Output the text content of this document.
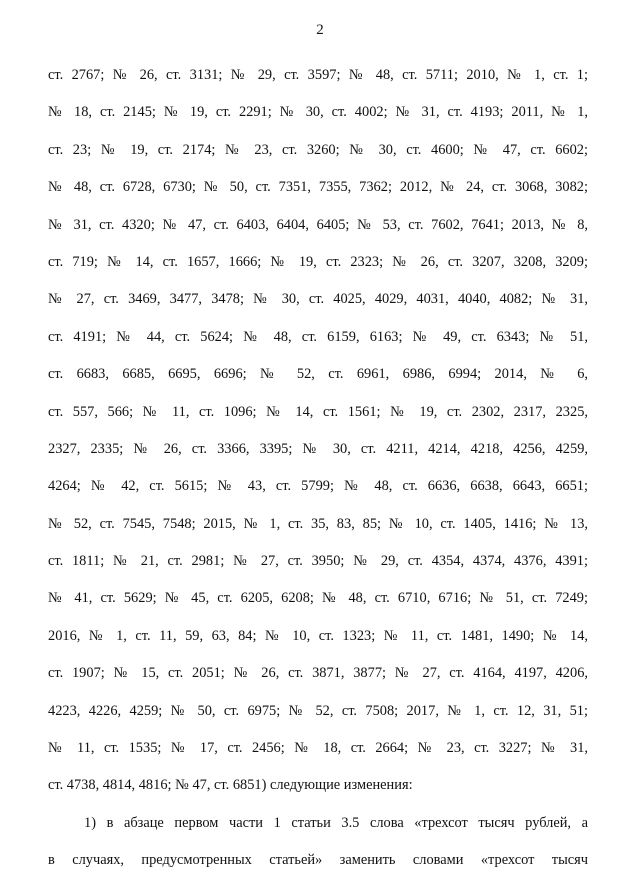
2
ст. 2767; № 26, ст. 3131; № 29, ст. 3597; № 48, ст. 5711; 2010, № 1, ст. 1;
№ 18, ст. 2145; № 19, ст. 2291; № 30, ст. 4002; № 31, ст. 4193; 2011, № 1,
ст. 23; № 19, ст. 2174; № 23, ст. 3260; № 30, ст. 4600; № 47, ст. 6602;
№ 48, ст. 6728, 6730; № 50, ст. 7351, 7355, 7362; 2012, № 24, ст. 3068, 3082;
№ 31, ст. 4320; № 47, ст. 6403, 6404, 6405; № 53, ст. 7602, 7641; 2013, № 8,
ст. 719; № 14, ст. 1657, 1666; № 19, ст. 2323; № 26, ст. 3207, 3208, 3209;
№ 27, ст. 3469, 3477, 3478; № 30, ст. 4025, 4029, 4031, 4040, 4082; № 31,
ст. 4191; № 44, ст. 5624; № 48, ст. 6159, 6163; № 49, ст. 6343; № 51,
ст. 6683, 6685, 6695, 6696; № 52, ст. 6961, 6986, 6994; 2014, № 6,
ст. 557, 566; № 11, ст. 1096; № 14, ст. 1561; № 19, ст. 2302, 2317, 2325,
2327, 2335; № 26, ст. 3366, 3395; № 30, ст. 4211, 4214, 4218, 4256, 4259,
4264; № 42, ст. 5615; № 43, ст. 5799; № 48, ст. 6636, 6638, 6643, 6651;
№ 52, ст. 7545, 7548; 2015, № 1, ст. 35, 83, 85; № 10, ст. 1405, 1416; № 13,
ст. 1811; № 21, ст. 2981; № 27, ст. 3950; № 29, ст. 4354, 4374, 4376, 4391;
№ 41, ст. 5629; № 45, ст. 6205, 6208; № 48, ст. 6710, 6716; № 51, ст. 7249;
2016, № 1, ст. 11, 59, 63, 84; № 10, ст. 1323; № 11, ст. 1481, 1490; № 14,
ст. 1907; № 15, ст. 2051; № 26, ст. 3871, 3877; № 27, ст. 4164, 4197, 4206,
4223, 4226, 4259; № 50, ст. 6975; № 52, ст. 7508; 2017, № 1, ст. 12, 31, 51;
№ 11, ст. 1535; № 17, ст. 2456; № 18, ст. 2664; № 23, ст. 3227; № 31,
ст. 4738, 4814, 4816; № 47, ст. 6851) следующие изменения:
1) в абзаце первом части 1 статьи 3.5 слова «трехсот тысяч рублей, а
в случаях, предусмотренных статьей» заменить словами «трехсот тысяч
